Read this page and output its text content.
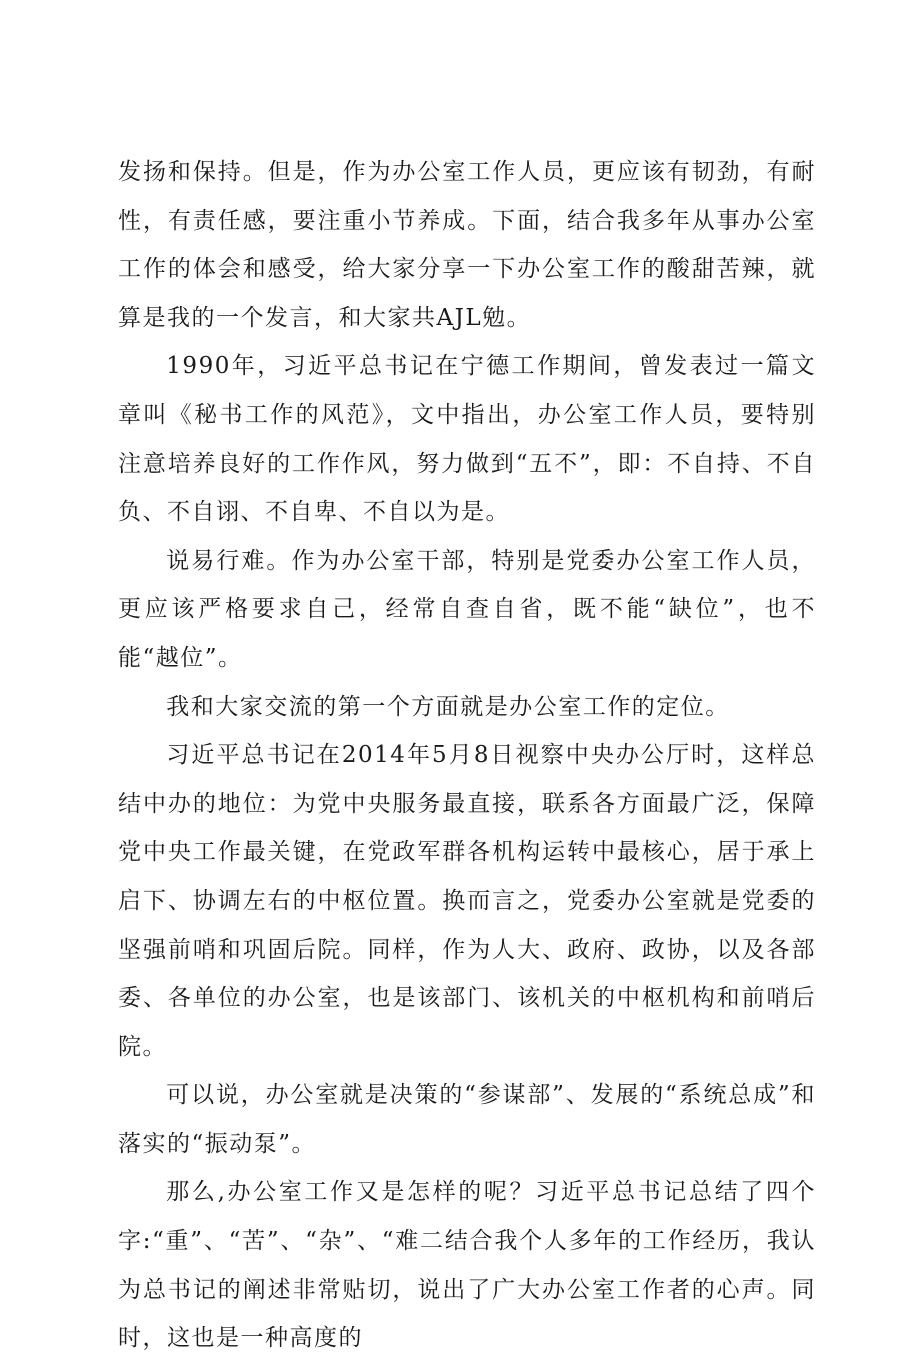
发扬和保持。但是，作为办公室工作人员，更应该有韧劲，有耐性，有责任感，要注重小节养成。下面，结合我多年从事办公室工作的体会和感受，给大家分享一下办公室工作的酸甜苦辣，就算是我的一个发言，和大家共AJL勉。

1990年，习近平总书记在宁德工作期间，曾发表过一篇文章叫《秘书工作的风范》，文中指出，办公室工作人员，要特别注意培养良好的工作作风，努力做到“五不”，即：不自持、不自负、不自诩、不自卑、不自以为是。

说易行难。作为办公室干部，特别是党委办公室工作人员，更应该严格要求自己，经常自查自省，既不能“缺位”，也不能“越位”。

我和大家交流的第一个方面就是办公室工作的定位。

习近平总书记在2014年5月8日视察中央办公厅时，这样总结中办的地位：为党中央服务最直接，联系各方面最广泛，保障党中央工作最关键，在党政军群各机构运转中最核心，居于承上启下、协调左右的中枢位置。换而言之，党委办公室就是党委的坚强前哨和巩固后院。同样，作为人大、政府、政协，以及各部委、各单位的办公室，也是该部门、该机关的中枢机构和前哨后院。

可以说，办公室就是决策的“参谋部”、发展的“系统总成”和落实的“振动泵”。

那么,办公室工作又是怎样的呢？习近平总书记总结了四个字:“重”、“苦”、“杂”、“难二结合我个人多年的工作经历，我认为总书记的阐述非常贴切，说出了广大办公室工作者的心声。同时，这也是一种高度的
